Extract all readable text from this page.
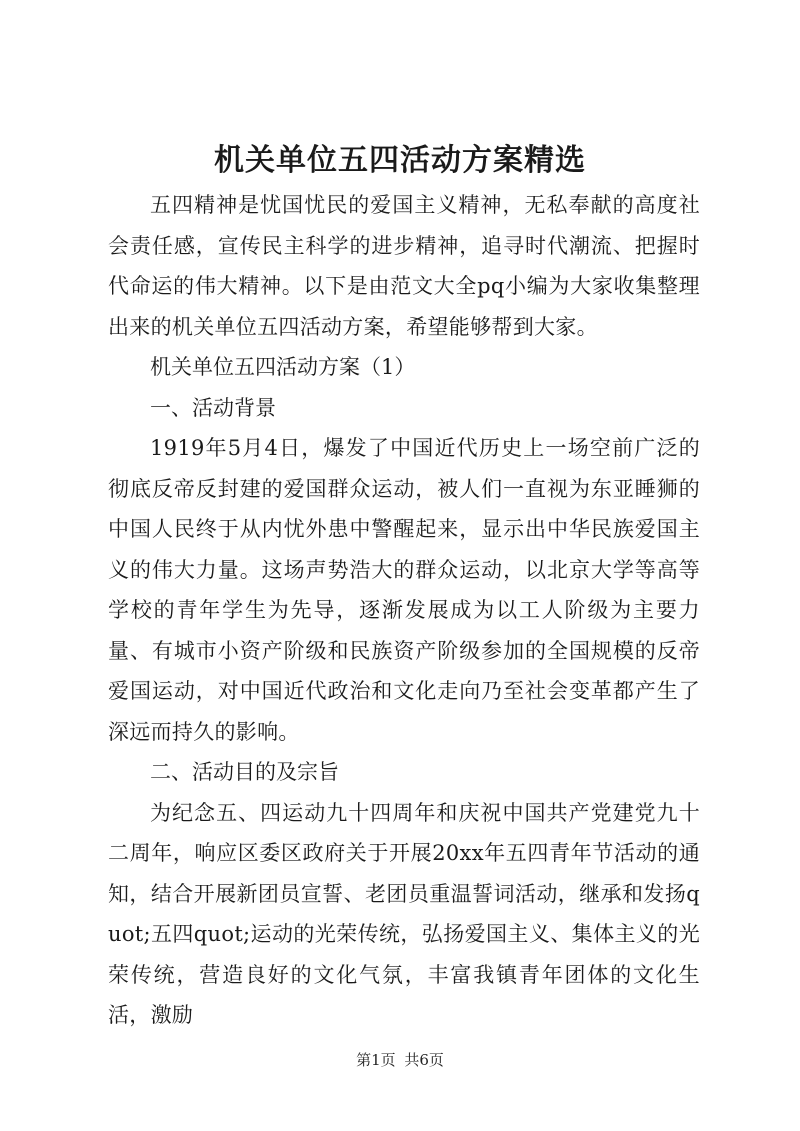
机关单位五四活动方案精选

五四精神是忧国忧民的爱国主义精神，无私奉献的高度社会责任感，宣传民主科学的进步精神，追寻时代潮流、把握时代命运的伟大精神。以下是由范文大全pq小编为大家收集整理出来的机关单位五四活动方案，希望能够帮到大家。

机关单位五四活动方案（1）

一、活动背景

1919年5月4日，爆发了中国近代历史上一场空前广泛的彻底反帝反封建的爱国群众运动，被人们一直视为东亚睡狮的中国人民终于从内忧外患中警醒起来，显示出中华民族爱国主义的伟大力量。这场声势浩大的群众运动，以北京大学等高等学校的青年学生为先导，逐渐发展成为以工人阶级为主要力量、有城市小资产阶级和民族资产阶级参加的全国规模的反帝爱国运动，对中国近代政治和文化走向乃至社会变革都产生了深远而持久的影响。

二、活动目的及宗旨

为纪念五、四运动九十四周年和庆祝中国共产党建党九十二周年，响应区委区政府关于开展20xx年五四青年节活动的通知，结合开展新团员宣誓、老团员重温誓词活动，继承和发扬quot;五四quot;运动的光荣传统，弘扬爱国主义、集体主义的光荣传统，营造良好的文化气氛，丰富我镇青年团体的文化生活，激励

第1页 共6页
